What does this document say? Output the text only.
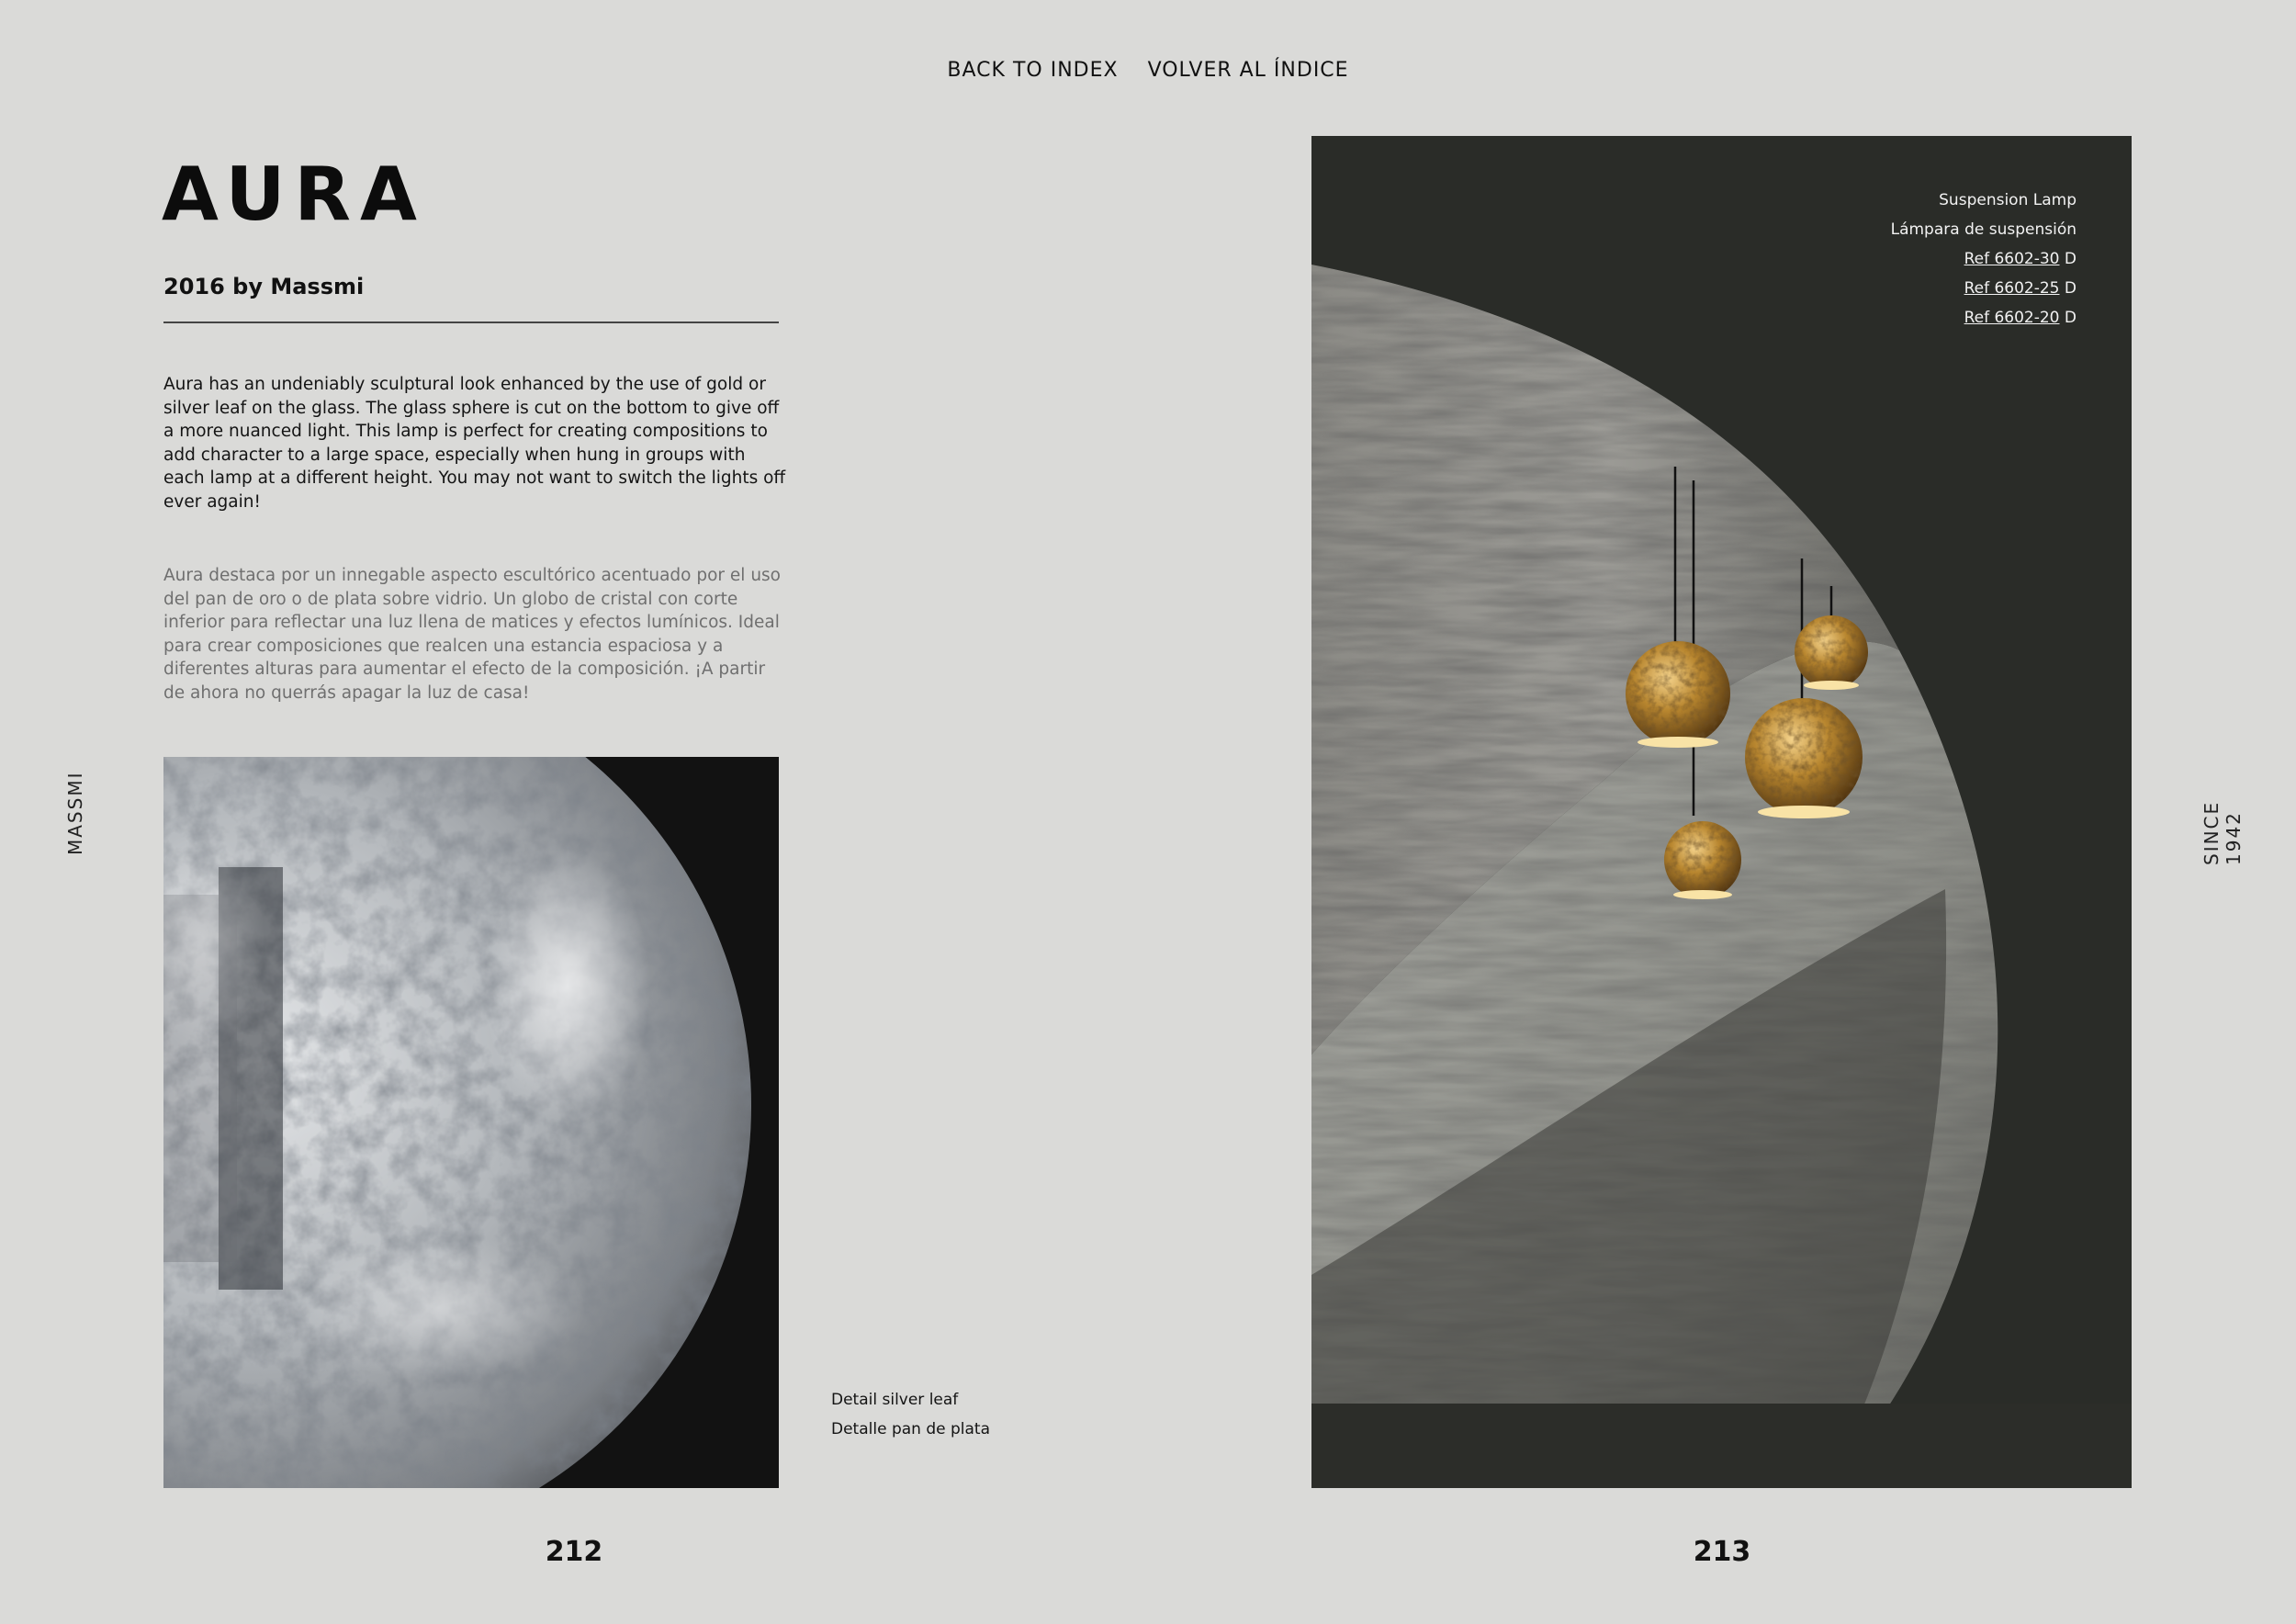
BACK TO INDEX VOLVER AL ÍNDICE
MASSMI	SINCE 1942
AURA
2016 by Massmi

Aura has an undeniably sculptural look enhanced by the use of gold or silver leaf on the glass. The glass sphere is cut on the bottom to give off a more nuanced light. This lamp is perfect for creating compositions to add character to a large space, especially when hung in groups with each lamp at a different height. You may not want to switch the lights off ever again!

Aura destaca por un innegable aspecto escultórico acentuado por el uso del pan de oro o de plata sobre vidrio. Un globo de cristal con corte inferior para reflectar una luz llena de matices y efectos lumínicos. Ideal para crear composiciones que realcen una estancia espaciosa y a diferentes alturas para aumentar el efecto de la composición. ¡A partir de ahora no querrás apagar la luz de casa!

Detail silver leaf
Detalle pan de plata
Suspension Lamp
Lámpara de suspensión
Ref 6602-30 D
Ref 6602-25 D
Ref 6602-20 D
212	213
